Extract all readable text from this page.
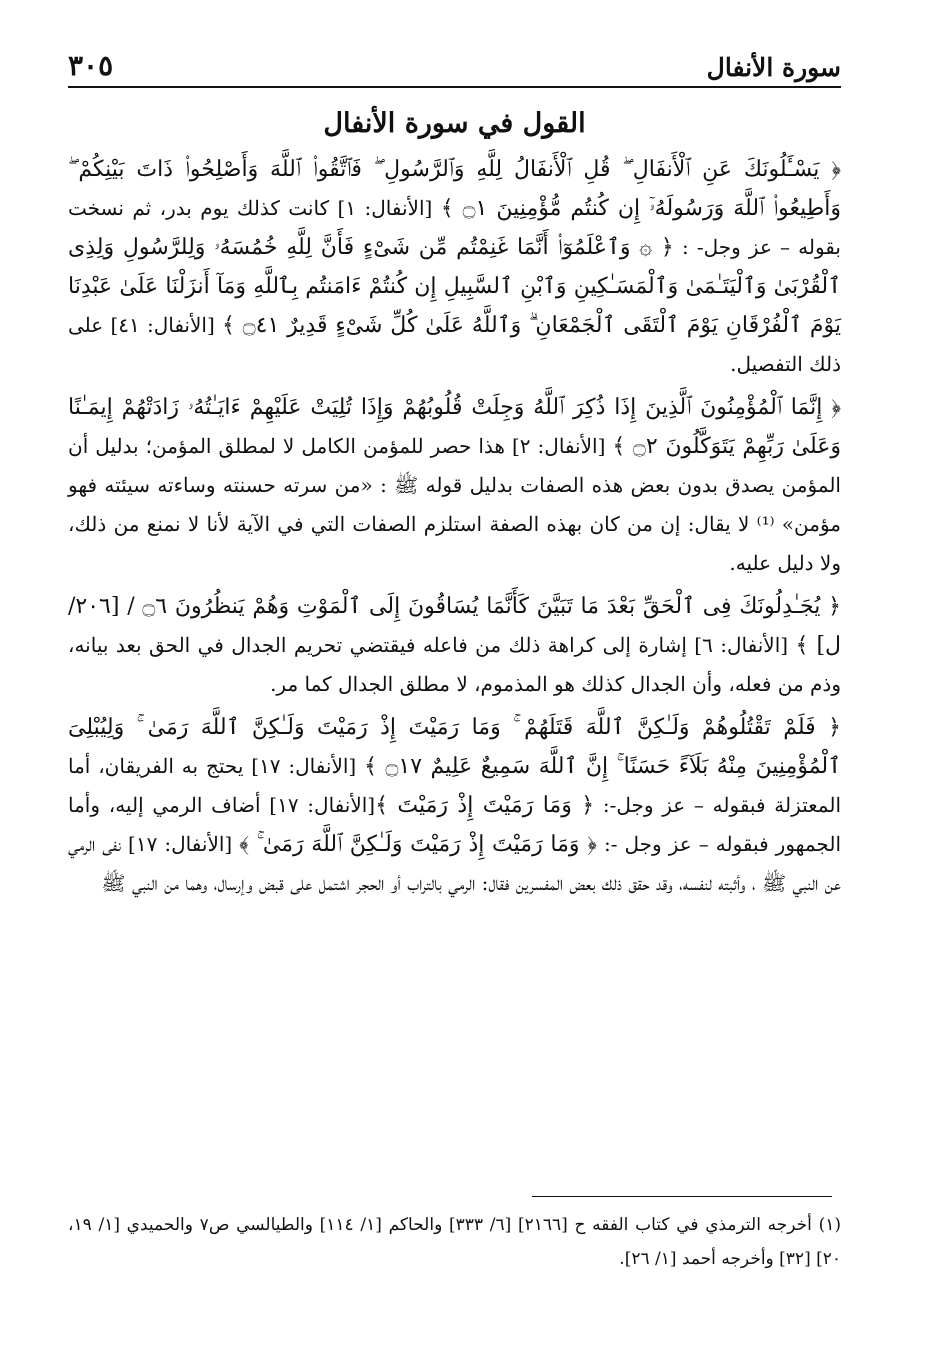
سورة الأنفال
٣٠٥
القول في سورة الأنفال

﴿ يَسْـَٔلُونَكَ عَنِ ٱلْأَنفَالِ ۖ قُلِ ٱلْأَنفَالُ لِلَّهِ وَٱلرَّسُولِ ۖ فَٱتَّقُوا۟ ٱللَّهَ وَأَصْلِحُوا۟ ذَاتَ بَيْنِكُمْ ۖ وَأَطِيعُوا۟ ٱللَّهَ وَرَسُولَهُۥٓ إِن كُنتُم مُّؤْمِنِينَ ۝١ ﴾ [الأنفال: ١] كانت كذلك يوم بدر، ثم نسخت بقوله – عز وجل- : ﴿ ۞ وَٱعْلَمُوٓا۟ أَنَّمَا غَنِمْتُم مِّن شَىْءٍ فَأَنَّ لِلَّهِ خُمُسَهُۥ وَلِلرَّسُولِ وَلِذِى ٱلْقُرْبَىٰ وَٱلْيَتَـٰمَىٰ وَٱلْمَسَـٰكِينِ وَٱبْنِ ٱلسَّبِيلِ إِن كُنتُمْ ءَامَنتُم بِٱللَّهِ وَمَآ أَنزَلْنَا عَلَىٰ عَبْدِنَا يَوْمَ ٱلْفُرْقَانِ يَوْمَ ٱلْتَقَى ٱلْجَمْعَانِ ۗ وَٱللَّهُ عَلَىٰ كُلِّ شَىْءٍ قَدِيرٌ ۝٤١ ﴾ [الأنفال: ٤١] على ذلك التفصيل.

﴿ إِنَّمَا ٱلْمُؤْمِنُونَ ٱلَّذِينَ إِذَا ذُكِرَ ٱللَّهُ وَجِلَتْ قُلُوبُهُمْ وَإِذَا تُلِيَتْ عَلَيْهِمْ ءَايَـٰتُهُۥ زَادَتْهُمْ إِيمَـٰنًا وَعَلَىٰ رَبِّهِمْ يَتَوَكَّلُونَ ۝٢ ﴾ [الأنفال: ٢] هذا حصر للمؤمن الكامل لا لمطلق المؤمن؛ بدليل أن المؤمن يصدق بدون بعض هذه الصفات بدليل قوله ﷺ : «من سرته حسنته وساءته سيئته فهو مؤمن» ⁽¹⁾ لا يقال: إن من كان بهذه الصفة استلزم الصفات التي في الآية لأنا لا نمنع من ذلك، ولا دليل عليه.

﴿ يُجَـٰدِلُونَكَ فِى ٱلْحَقِّ بَعْدَ مَا تَبَيَّنَ كَأَنَّمَا يُسَاقُونَ إِلَى ٱلْمَوْتِ وَهُمْ يَنظُرُونَ ۝٦ / [٢٠٦/ ل] ﴾ [الأنفال: ٦] إشارة إلى كراهة ذلك من فاعله فيقتضي تحريم الجدال في الحق بعد بيانه، وذم من فعله، وأن الجدال كذلك هو المذموم، لا مطلق الجدال كما مر.

﴿ فَلَمْ تَقْتُلُوهُمْ وَلَـٰكِنَّ ٱللَّهَ قَتَلَهُمْ ۚ وَمَا رَمَيْتَ إِذْ رَمَيْتَ وَلَـٰكِنَّ ٱللَّهَ رَمَىٰ ۚ وَلِيُبْلِىَ ٱلْمُؤْمِنِينَ مِنْهُ بَلَآءً حَسَنًا ۚ إِنَّ ٱللَّهَ سَمِيعٌ عَلِيمٌ ۝١٧ ﴾ [الأنفال: ١٧] يحتج به الفريقان، أما المعتزلة فبقوله – عز وجل-: ﴿ وَمَا رَمَيْتَ إِذْ رَمَيْتَ ﴾[الأنفال: ١٧] أضاف الرمي إليه، وأما الجمهور فبقوله – عز وجل -: ﴿ وَمَا رَمَيْتَ إِذْ رَمَيْتَ وَلَـٰكِنَّ ٱللَّهَ رَمَىٰ ۚ ﴾ [الأنفال: ١٧] نفى الرمي عن النبي ﷺ ، وأثبته لنفسه، وقد حقق ذلك بعض المفسرين فقال: الرمي بالتراب أو الحجر اشتمل على قبض وإرسال، وهما من النبي ﷺ

(١) أخرجه الترمذي في كتاب الفقه ح [٢١٦٦] [٦/ ٣٣٣] والحاكم [١/ ١١٤] والطيالسي ص٧ والحميدي [١/ ١٩، ٢٠] [٣٢] وأخرجه أحمد [١/ ٢٦].
